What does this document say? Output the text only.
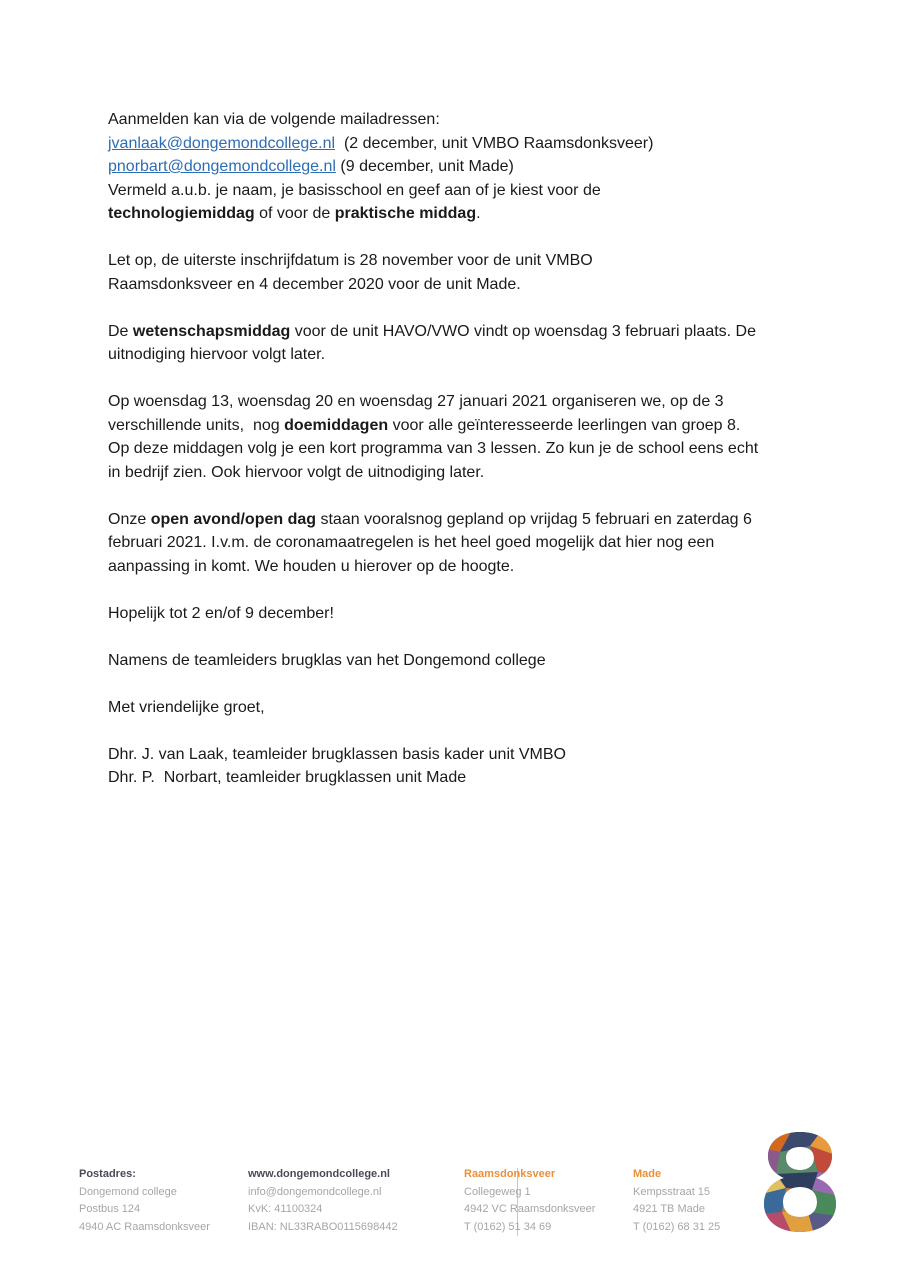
Aanmelden kan via de volgende mailadressen:
jvanlaak@dongemondcollege.nl  (2 december, unit VMBO Raamsdonksveer)
pnorbart@dongemondcollege.nl (9 december, unit Made)
Vermeld a.u.b. je naam, je basisschool en geef aan of je kiest voor de
technologiemiddag of voor de praktische middag.

Let op, de uiterste inschrijfdatum is 28 november voor de unit VMBO
Raamsdonksveer en 4 december 2020 voor de unit Made.

De wetenschapsmiddag voor de unit HAVO/VWO vindt op woensdag 3 februari plaats. De
uitnodiging hiervoor volgt later.

Op woensdag 13, woensdag 20 en woensdag 27 januari 2021 organiseren we, op de 3
verschillende units,  nog doemiddagen voor alle geïnteresseerde leerlingen van groep 8.
Op deze middagen volg je een kort programma van 3 lessen. Zo kun je de school eens echt
in bedrijf zien. Ook hiervoor volgt de uitnodiging later.

Onze open avond/open dag staan vooralsnog gepland op vrijdag 5 februari en zaterdag 6
februari 2021. I.v.m. de coronamaatregelen is het heel goed mogelijk dat hier nog een
aanpassing in komt. We houden u hierover op de hoogte.

Hopelijk tot 2 en/of 9 december!

Namens de teamleiders brugklas van het Dongemond college

Met vriendelijke groet,

Dhr. J. van Laak, teamleider brugklassen basis kader unit VMBO
Dhr. P.  Norbart, teamleider brugklassen unit Made

Postadres:
Dongemond college
Postbus 124
4940 AC Raamsdonksveer
www.dongemondcollege.nl
info@dongemondcollege.nl
KvK: 41100324
IBAN: NL33RABO0115698442
Raamsdonksveer
Collegeweg 1
4942 VC Raamsdonksveer
T (0162) 51 34 69
Made
Kempsstraat 15
4921 TB Made
T (0162) 68 31 25
